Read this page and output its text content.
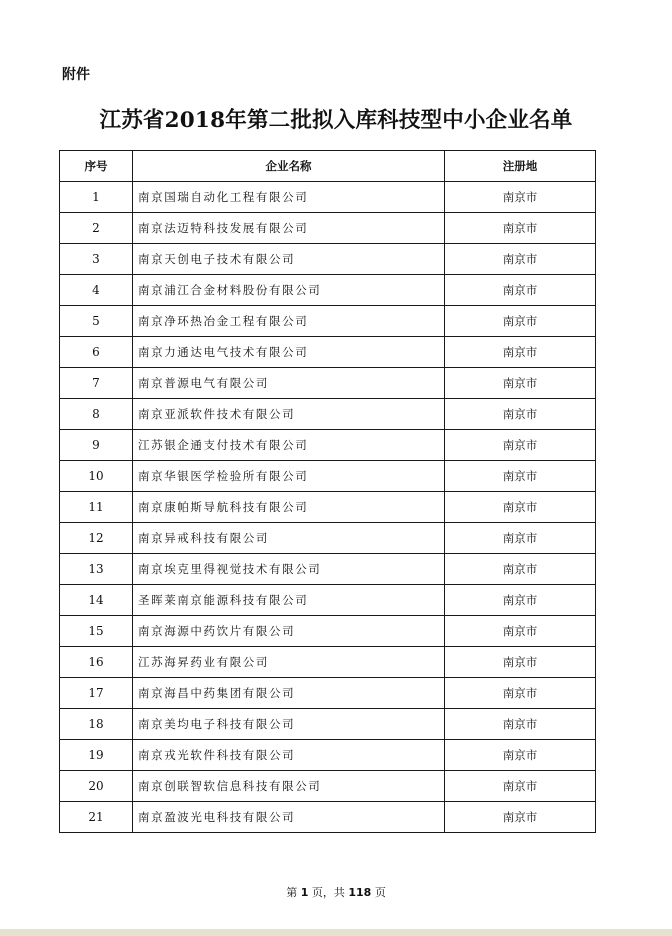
附件
江苏省2018年第二批拟入库科技型中小企业名单
序号	企业名称	注册地
1	南京国瑞自动化工程有限公司	南京市
2	南京法迈特科技发展有限公司	南京市
3	南京天创电子技术有限公司	南京市
4	南京浦江合金材料股份有限公司	南京市
5	南京净环热冶金工程有限公司	南京市
6	南京力通达电气技术有限公司	南京市
7	南京普源电气有限公司	南京市
8	南京亚派软件技术有限公司	南京市
9	江苏银企通支付技术有限公司	南京市
10	南京华银医学检验所有限公司	南京市
11	南京康帕斯导航科技有限公司	南京市
12	南京异戒科技有限公司	南京市
13	南京埃克里得视觉技术有限公司	南京市
14	圣晖莱南京能源科技有限公司	南京市
15	南京海源中药饮片有限公司	南京市
16	江苏海昇药业有限公司	南京市
17	南京海昌中药集团有限公司	南京市
18	南京美均电子科技有限公司	南京市
19	南京戎光软件科技有限公司	南京市
20	南京创联智软信息科技有限公司	南京市
21	南京盈波光电科技有限公司	南京市
第 1 页，共 118 页
